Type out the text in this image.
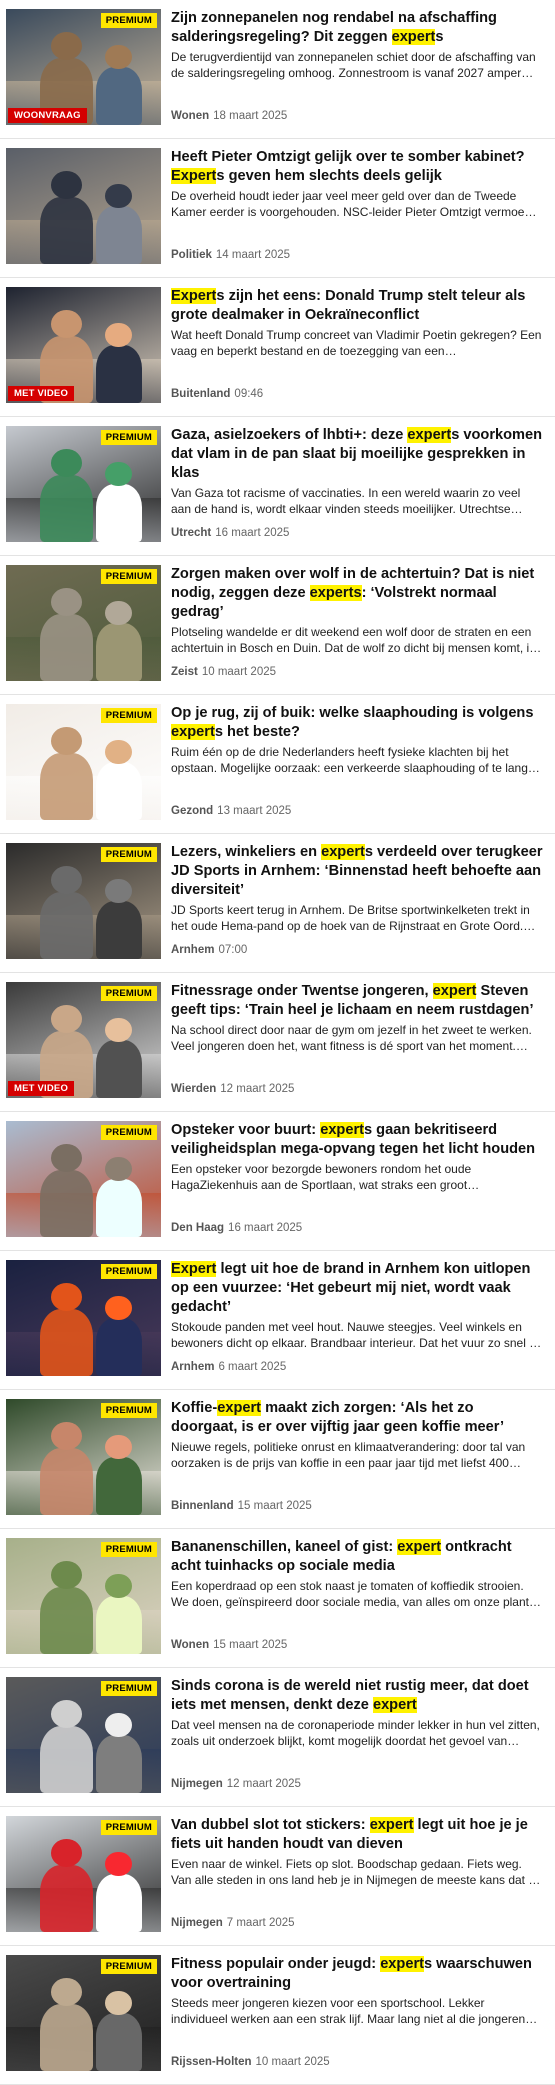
PREMIUM
WOONVRAAG
Zijn zonnepanelen nog rendabel na afschaffing salderingsregeling? Dit zeggen experts
De terugverdientijd van zonnepanelen schiet door de afschaffing van de salderingsregeling omhoog. Zonnestroom is vanaf 2027 amper
Wonen 18 maart 2025
Heeft Pieter Omtzigt gelijk over te somber kabinet? Experts geven hem slechts deels gelijk
De overheid houdt ieder jaar veel meer geld over dan de Tweede Kamer eerder is voorgehouden. NSC-leider Pieter Omtzigt vermoedt
Politiek 14 maart 2025
MET VIDEO
Experts zijn het eens: Donald Trump stelt teleur als grote dealmaker in Oekraïneconflict
Wat heeft Donald Trump concreet van Vladimir Poetin gekregen? Een vaag en beperkt bestand en de toezegging van een
Buitenland 09:46
PREMIUM	Gaza, asielzoekers of lhbti+: deze experts voorkomen dat vlam in de pan slaat bij moeilijke gesprekken in klas
Van Gaza tot racisme of vaccinaties. In een wereld waarin zo veel aan de hand is, wordt elkaar vinden steeds moeilijker. Utrechtse
Utrecht 16 maart 2025
PREMIUM	Zorgen maken over wolf in de achtertuin? Dat is niet nodig, zeggen deze experts: ‘Volstrekt normaal gedrag’
Plotseling wandelde er dit weekend een wolf door de straten en een achtertuin in Bosch en Duin. Dat de wolf zo dicht bij mensen komt, is
Zeist 10 maart 2025
PREMIUM	Op je rug, zij of buik: welke slaaphouding is volgens experts het beste?
Ruim één op de drie Nederlanders heeft fysieke klachten bij het opstaan. Mogelijke oorzaak: een verkeerde slaaphouding of te lang
Gezond 13 maart 2025
PREMIUM	Lezers, winkeliers en experts verdeeld over terugkeer JD Sports in Arnhem: ‘Binnenstad heeft behoefte aan diversiteit’
JD Sports keert terug in Arnhem. De Britse sportwinkelketen trekt in het oude Hema-pand op de hoek van de Rijnstraat en Grote Oord.
Arnhem 07:00
PREMIUM
MET VIDEO
Fitnessrage onder Twentse jongeren, expert Steven geeft tips: ‘Train heel je lichaam en neem rustdagen’
Na school direct door naar de gym om jezelf in het zweet te werken. Veel jongeren doen het, want fitness is dé sport van het moment.
Wierden 12 maart 2025
PREMIUM	Opsteker voor buurt: experts gaan bekritiseerd veiligheidsplan mega-opvang tegen het licht houden
Een opsteker voor bezorgde bewoners rondom het oude HagaZiekenhuis aan de Sportlaan, wat straks een groot
Den Haag 16 maart 2025
PREMIUM	Expert legt uit hoe de brand in Arnhem kon uitlopen op een vuurzee: ‘Het gebeurt mij niet, wordt vaak gedacht’
Stokoude panden met veel hout. Nauwe steegjes. Veel winkels en bewoners dicht op elkaar. Brandbaar interieur. Dat het vuur zo snel en
Arnhem 6 maart 2025
PREMIUM	Koffie-expert maakt zich zorgen: ‘Als het zo doorgaat, is er over vijftig jaar geen koffie meer’
Nieuwe regels, politieke onrust en klimaatverandering: door tal van oorzaken is de prijs van koffie in een paar jaar tijd met liefst 400
Binnenland 15 maart 2025
PREMIUM	Bananenschillen, kaneel of gist: expert ontkracht acht tuinhacks op sociale media
Een koperdraad op een stok naast je tomaten of koffiedik strooien. We doen, geïnspireerd door sociale media, van alles om onze planten
Wonen 15 maart 2025
PREMIUM	Sinds corona is de wereld niet rustig meer, dat doet iets met mensen, denkt deze expert
Dat veel mensen na de coronaperiode minder lekker in hun vel zitten, zoals uit onderzoek blijkt, komt mogelijk doordat het gevoel van
Nijmegen 12 maart 2025
PREMIUM	Van dubbel slot tot stickers: expert legt uit hoe je je fiets uit handen houdt van dieven
Even naar de winkel. Fiets op slot. Boodschap gedaan. Fiets weg. Van alle steden in ons land heb je in Nijmegen de meeste kans dat je
Nijmegen 7 maart 2025
PREMIUM	Fitness populair onder jeugd: experts waarschuwen voor overtraining
Steeds meer jongeren kiezen voor een sportschool. Lekker individueel werken aan een strak lijf. Maar lang niet al die jongeren
Rijssen-Holten 10 maart 2025
